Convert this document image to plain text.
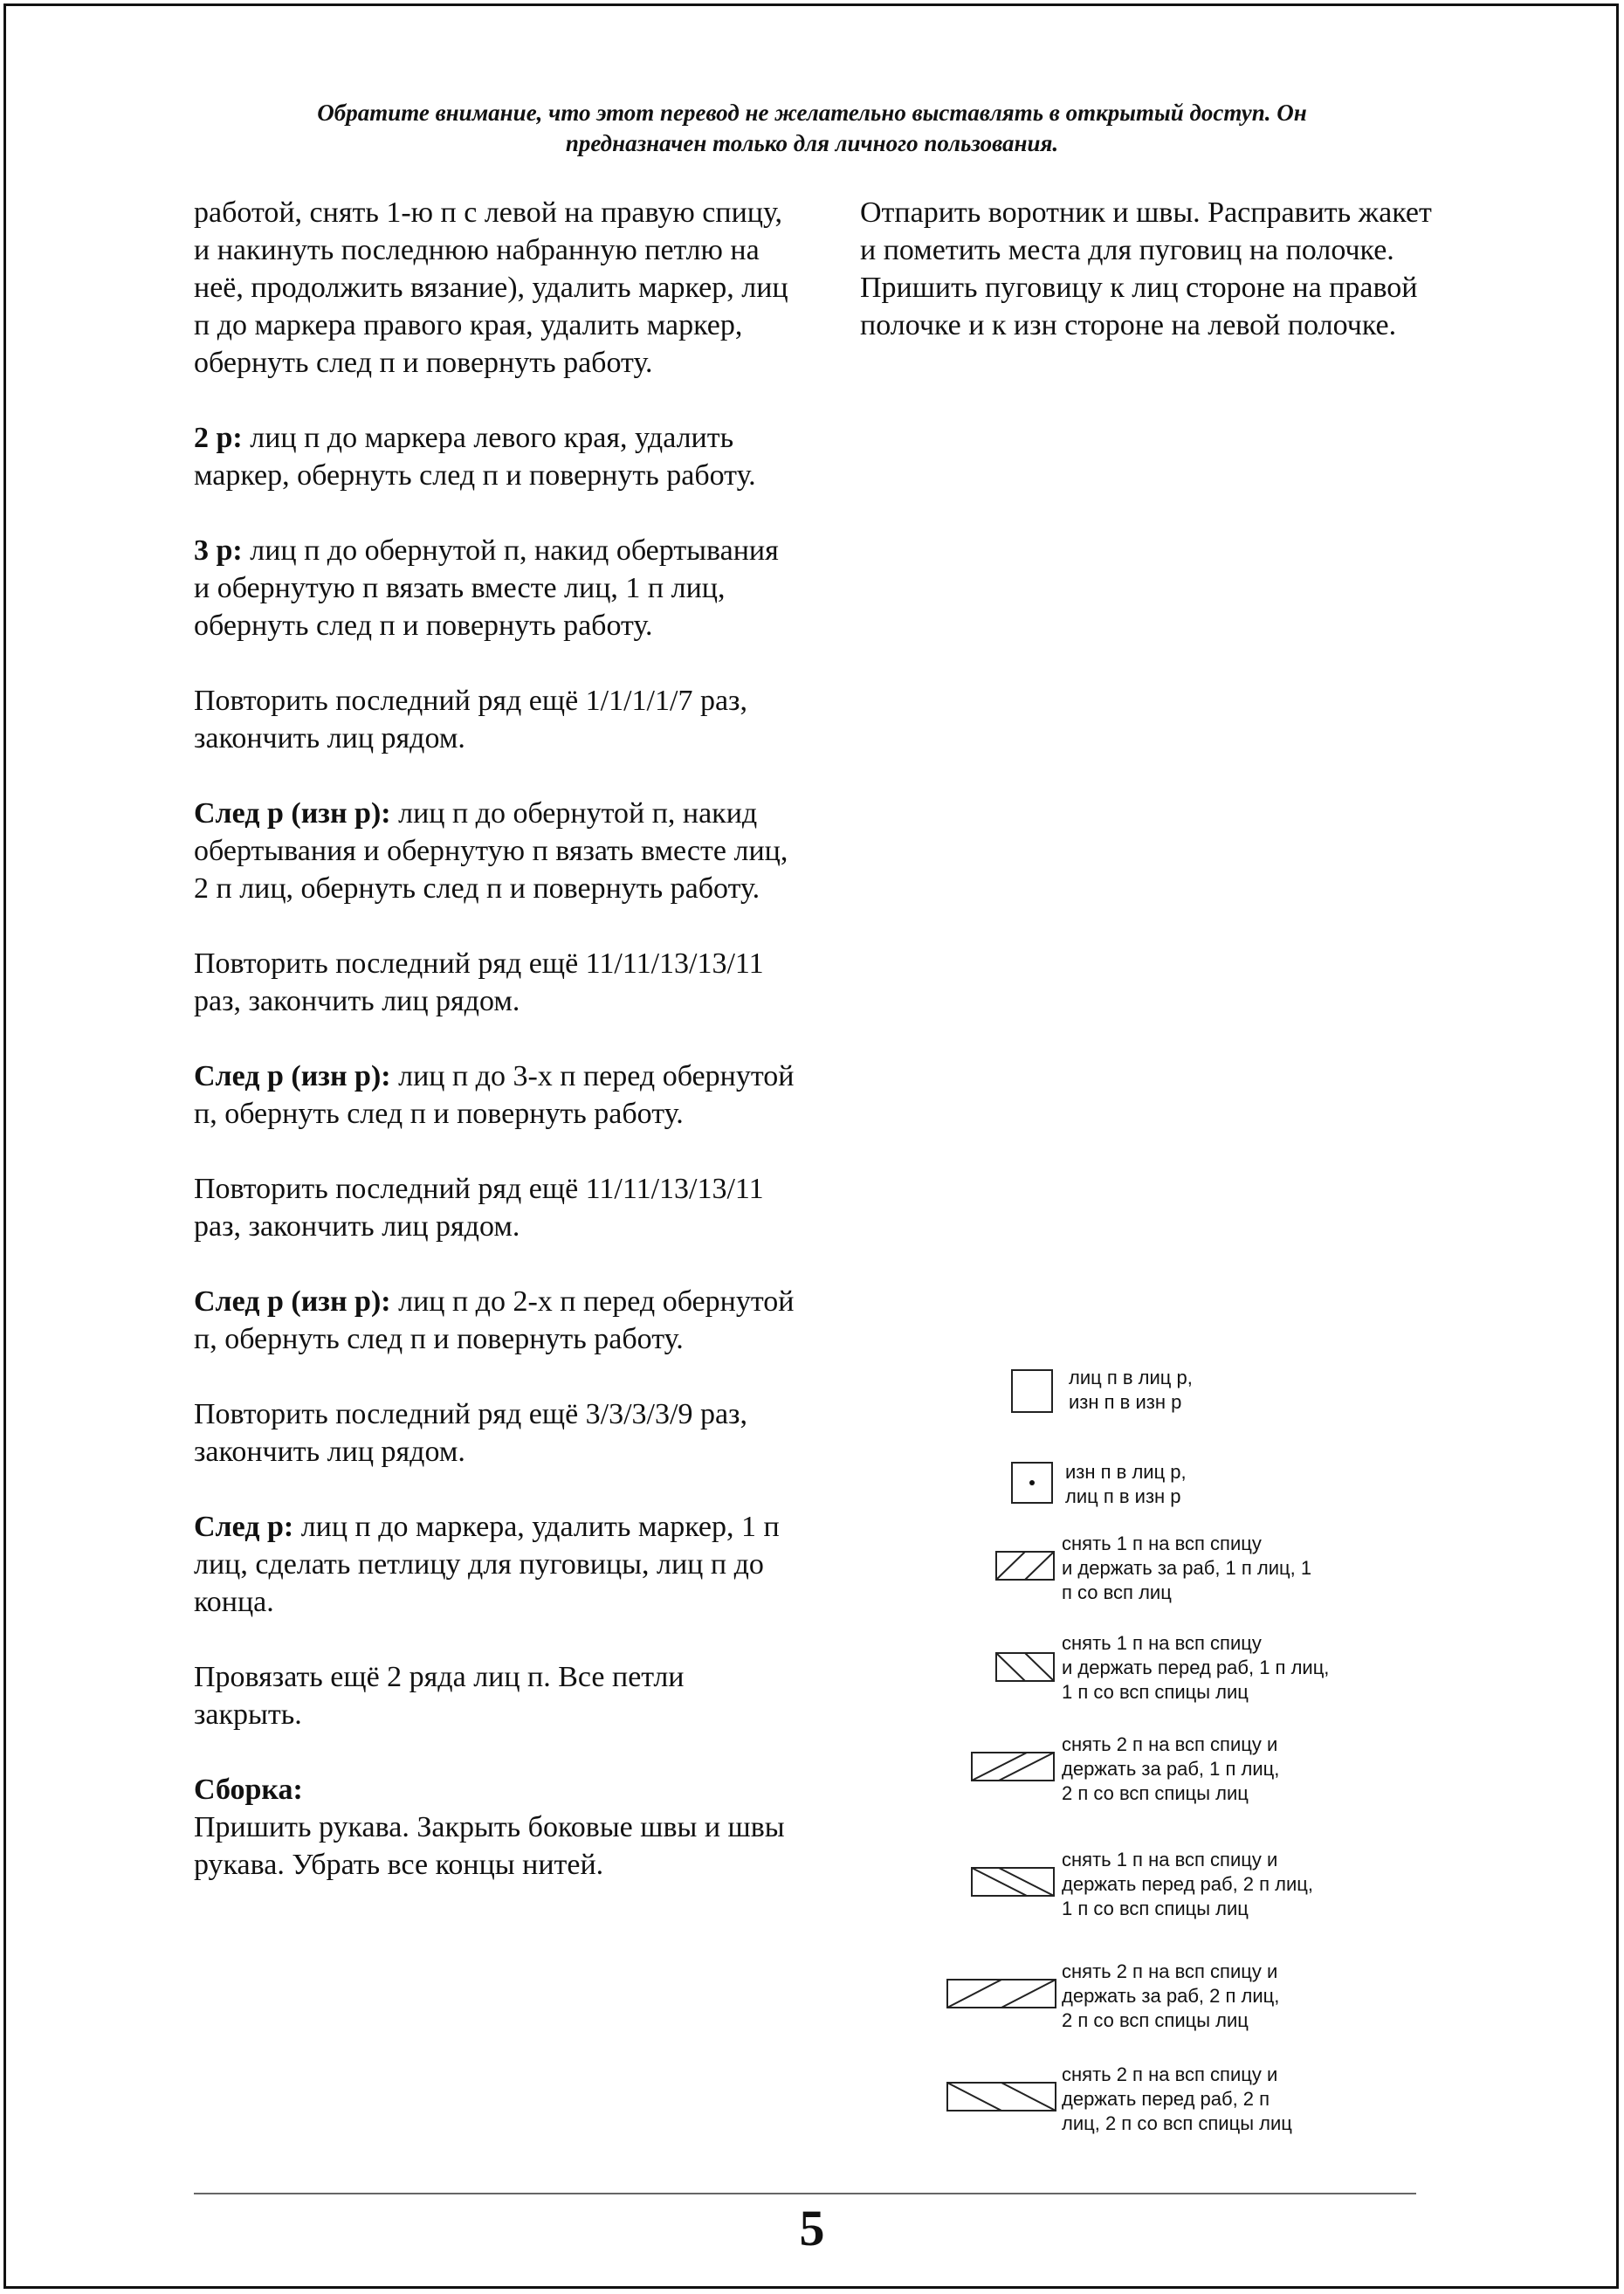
Обратите внимание, что этот перевод не желательно выставлять в открытый доступ. Он
предназначен только для личного пользования.

работой, снять 1-ю п с левой на правую спицу, и накинуть последнюю набранную петлю на неё, продолжить вязание), удалить маркер, лиц п до маркера правого края, удалить маркер, обернуть след п и повернуть работу.

2 р: лиц п до маркера левого края, удалить маркер, обернуть след п и повернуть работу.

3 р: лиц п до обернутой п, накид обертывания и обернутую п вязать вместе лиц, 1 п лиц, обернуть след п и повернуть работу.

Повторить последний ряд ещё 1/1/1/1/7 раз, закончить лиц рядом.

След р (изн р): лиц п до обернутой п, накид обертывания и обернутую п вязать вместе лиц, 2 п лиц, обернуть след п и повернуть работу.

Повторить последний ряд ещё 11/11/13/13/11 раз, закончить лиц рядом.

След р (изн р): лиц п до 3-х п перед обернутой п, обернуть след п и повернуть работу.

Повторить последний ряд ещё 11/11/13/13/11 раз, закончить лиц рядом.

След р (изн р): лиц п до 2-х п перед обернутой п, обернуть след п и повернуть работу.

Повторить последний ряд ещё 3/3/3/3/9 раз, закончить лиц рядом.

След р: лиц п до маркера, удалить маркер, 1 п лиц, сделать петлицу для пуговицы, лиц п до конца.

Провязать ещё 2 ряда лиц п. Все петли закрыть.

Сборка:
Пришить рукава. Закрыть боковые швы и швы рукава. Убрать все концы нитей.

Отпарить воротник и швы. Расправить жакет и пометить места для пуговиц на полочке. Пришить пуговицу к лиц стороне на правой полочке и к изн стороне на левой полочке.

лиц п в лиц р,
изн п в изн р
изн п в лиц р,
лиц п в изн р
снять 1 п на всп спицу
и держать за раб, 1 п лиц, 1
п со всп лиц
снять 1 п на всп спицу
и держать перед раб, 1 п лиц,
1 п со всп спицы лиц
снять 2 п на всп спицу и
держать за раб, 1 п лиц,
2 п со всп спицы лиц
снять 1 п на всп спицу и
держать перед раб, 2 п лиц,
1 п со всп спицы лиц
снять 2 п на всп спицу и
держать за раб, 2 п лиц,
2 п со всп спицы лиц
снять 2 п на всп спицу и
держать перед раб, 2 п
лиц, 2 п со всп спицы лиц
5
